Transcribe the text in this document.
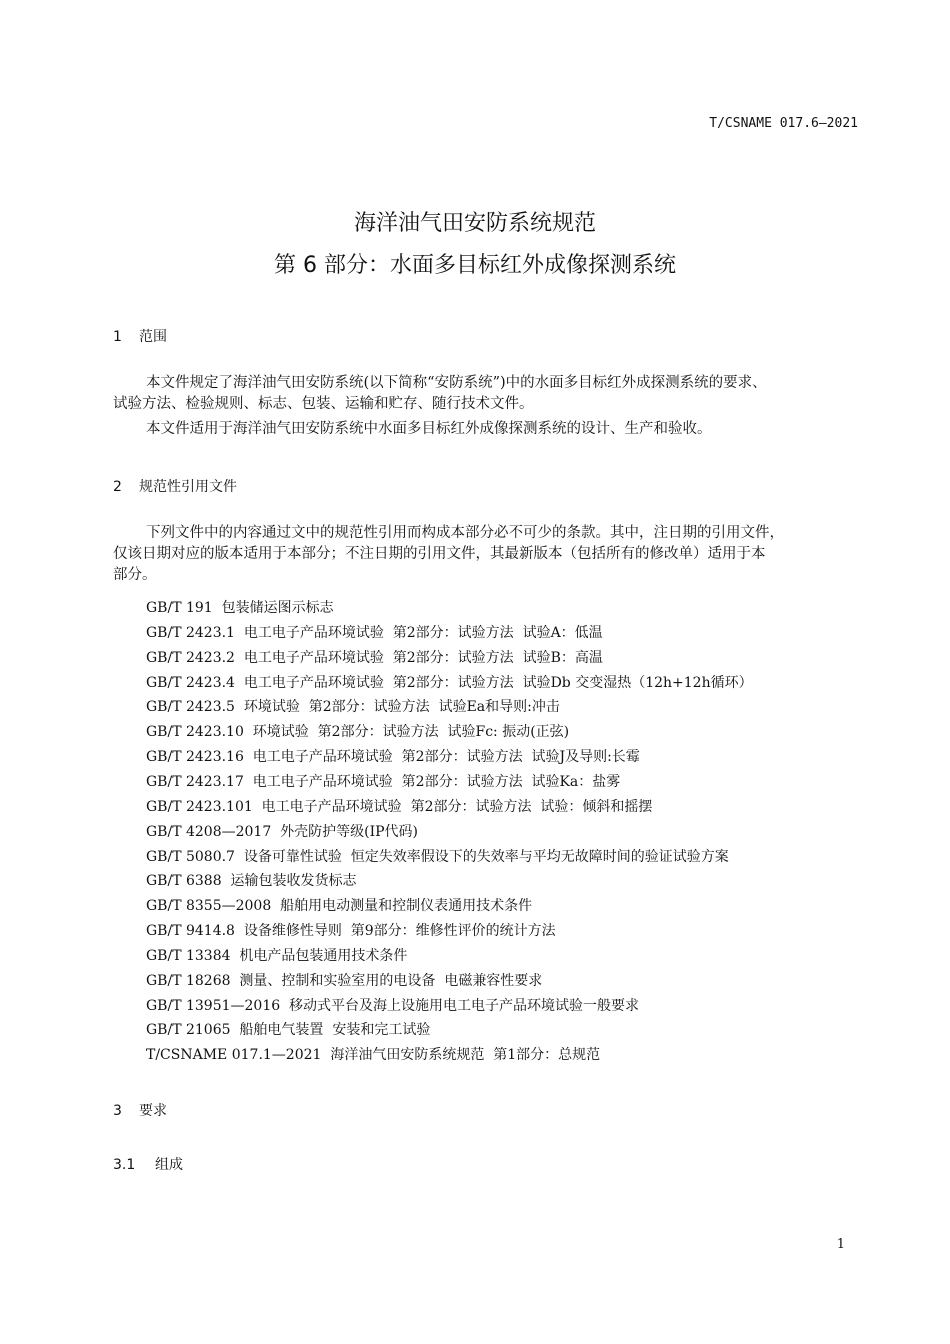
T/CSNAME 017.6—2021
海洋油气田安防系统规范
第 6 部分：水面多目标红外成像探测系统
1 范围

本文件规定了海洋油气田安防系统(以下简称“安防系统”)中的水面多目标红外成探测系统的要求、

试验方法、检验规则、标志、包装、运输和贮存、随行技术文件。

本文件适用于海洋油气田安防系统中水面多目标红外成像探测系统的设计、生产和验收。

2 规范性引用文件

下列文件中的内容通过文中的规范性引用而构成本部分必不可少的条款。其中，注日期的引用文件，

仅该日期对应的版本适用于本部分；不注日期的引用文件，其最新版本（包括所有的修改单）适用于本

部分。

GB/T 191  包装储运图示标志
GB/T 2423.1  电工电子产品环境试验  第2部分：试验方法  试验A：低温
GB/T 2423.2  电工电子产品环境试验  第2部分：试验方法  试验B：高温
GB/T 2423.4  电工电子产品环境试验  第2部分：试验方法  试验Db 交变湿热（12h+12h循环）
GB/T 2423.5  环境试验  第2部分：试验方法  试验Ea和导则:冲击
GB/T 2423.10  环境试验  第2部分：试验方法  试验Fc: 振动(正弦)
GB/T 2423.16  电工电子产品环境试验  第2部分：试验方法  试验J及导则:长霉
GB/T 2423.17  电工电子产品环境试验  第2部分：试验方法  试验Ka：盐雾
GB/T 2423.101  电工电子产品环境试验  第2部分：试验方法  试验：倾斜和摇摆
GB/T 4208—2017  外壳防护等级(IP代码)
GB/T 5080.7  设备可靠性试验  恒定失效率假设下的失效率与平均无故障时间的验证试验方案
GB/T 6388  运输包装收发货标志
GB/T 8355—2008  船舶用电动测量和控制仪表通用技术条件
GB/T 9414.8  设备维修性导则  第9部分：维修性评价的统计方法
GB/T 13384  机电产品包装通用技术条件
GB/T 18268  测量、控制和实验室用的电设备  电磁兼容性要求
GB/T 13951—2016  移动式平台及海上设施用电工电子产品环境试验一般要求
GB/T 21065  船舶电气装置  安装和完工试验
T/CSNAME 017.1—2021  海洋油气田安防系统规范  第1部分：总规范
3 要求
3.1 组成
1
